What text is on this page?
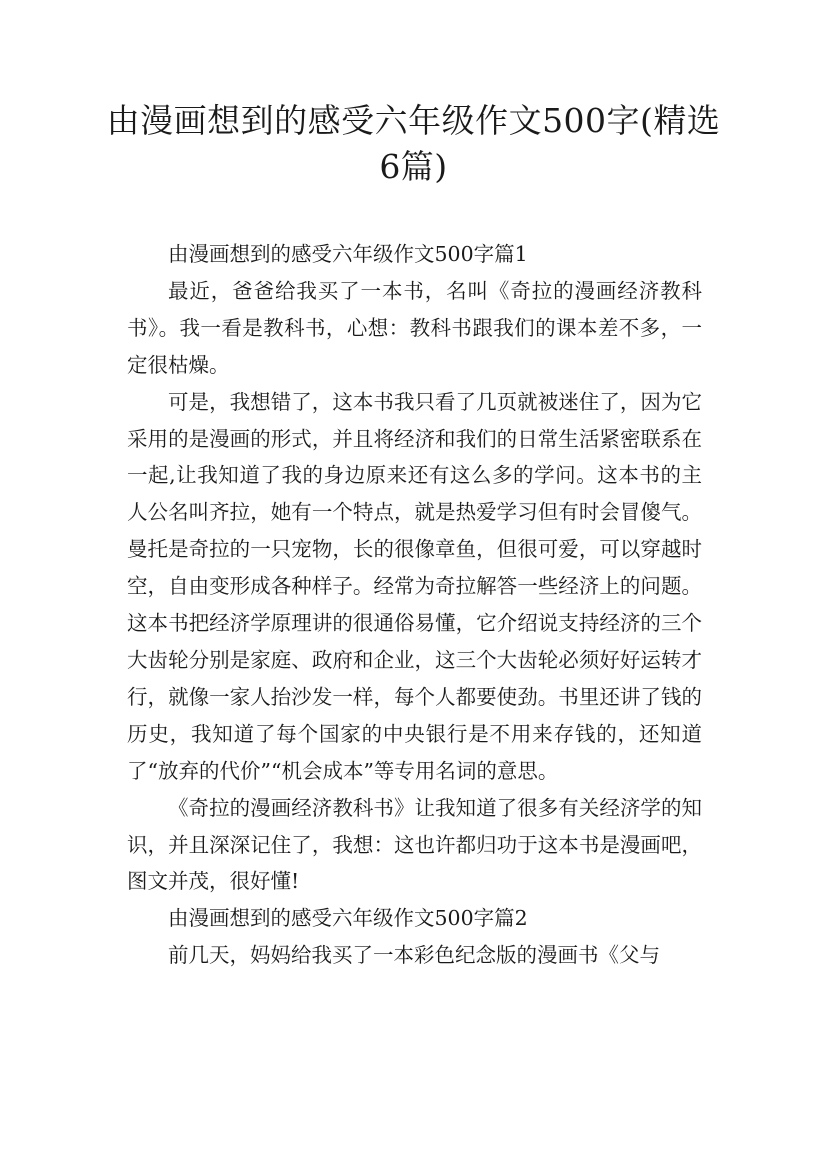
由漫画想到的感受六年级作文500字(精选6篇)

由漫画想到的感受六年级作文500字篇1

最近，爸爸给我买了一本书，名叫《奇拉的漫画经济教科书》。我一看是教科书，心想：教科书跟我们的课本差不多，一定很枯燥。

可是，我想错了，这本书我只看了几页就被迷住了，因为它采用的是漫画的形式，并且将经济和我们的日常生活紧密联系在一起,让我知道了我的身边原来还有这么多的学问。这本书的主人公名叫齐拉，她有一个特点，就是热爱学习但有时会冒傻气。曼托是奇拉的一只宠物，长的很像章鱼，但很可爱，可以穿越时空，自由变形成各种样子。经常为奇拉解答一些经济上的问题。这本书把经济学原理讲的很通俗易懂，它介绍说支持经济的三个大齿轮分别是家庭、政府和企业，这三个大齿轮必须好好运转才行，就像一家人抬沙发一样，每个人都要使劲。书里还讲了钱的历史，我知道了每个国家的中央银行是不用来存钱的，还知道了“放弃的代价”“机会成本”等专用名词的意思。

《奇拉的漫画经济教科书》让我知道了很多有关经济学的知识，并且深深记住了，我想：这也许都归功于这本书是漫画吧，图文并茂，很好懂!

由漫画想到的感受六年级作文500字篇2

前几天，妈妈给我买了一本彩色纪念版的漫画书《父与
